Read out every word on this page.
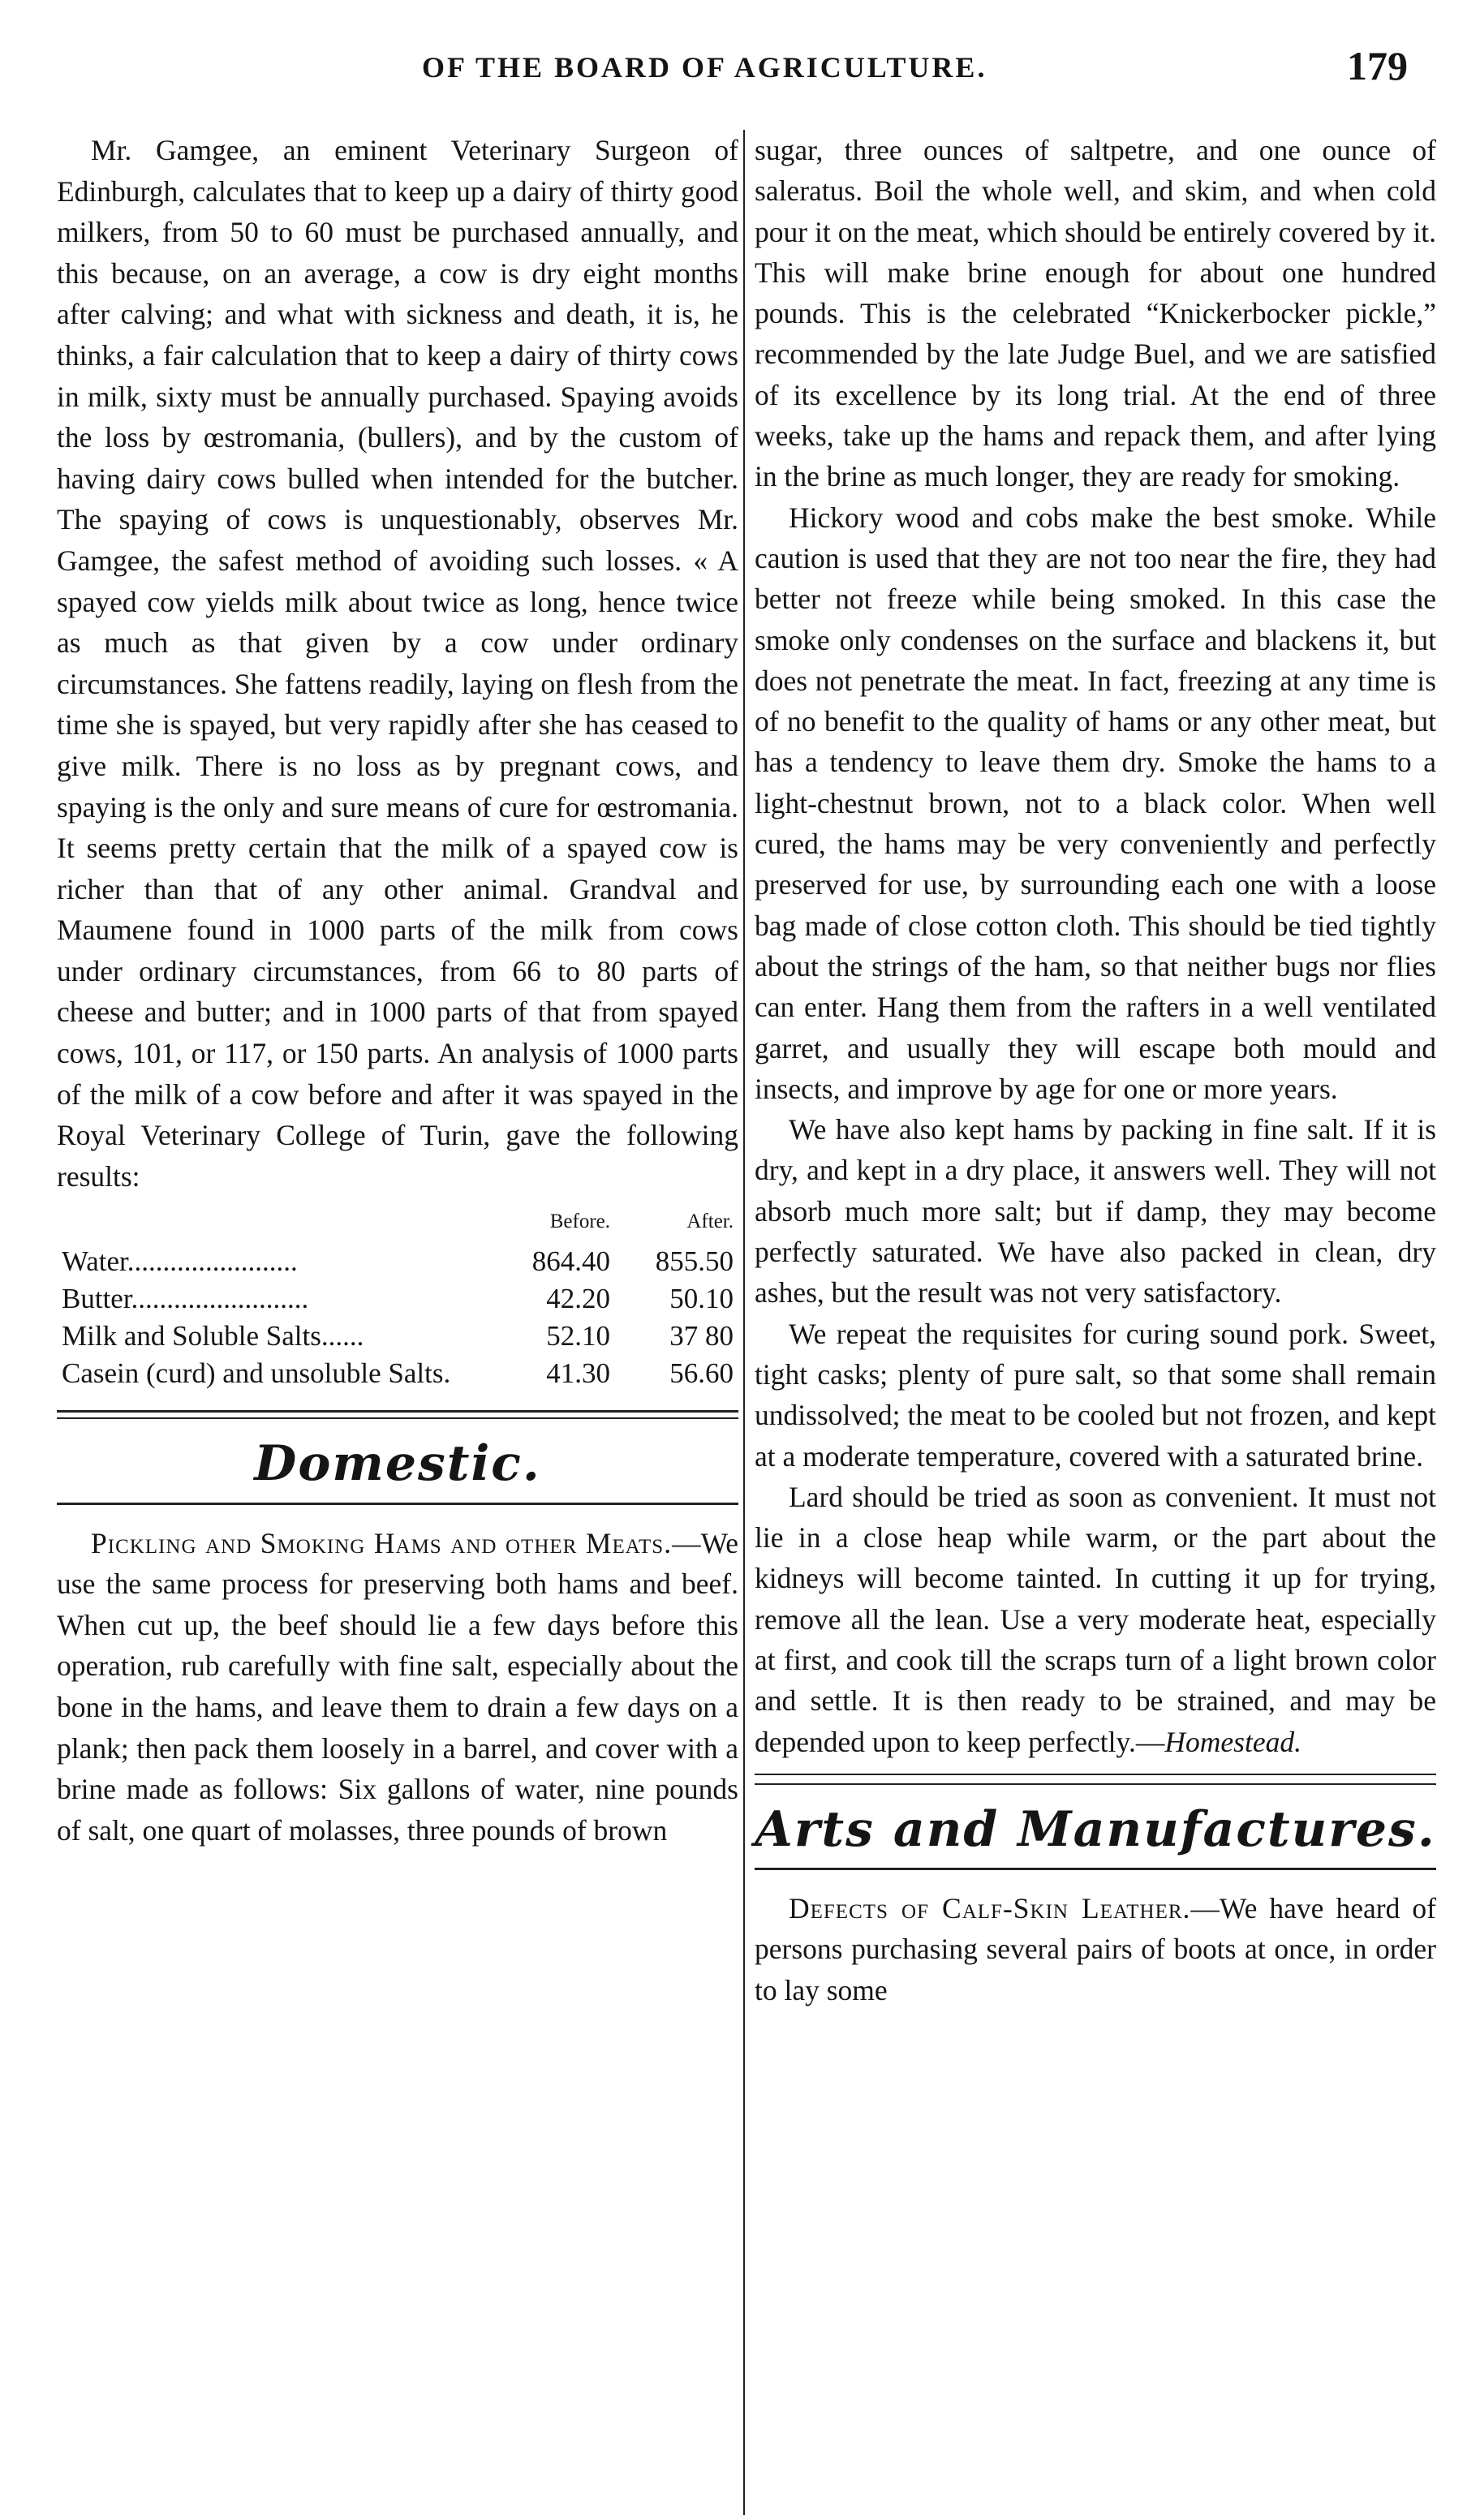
OF THE BOARD OF AGRICULTURE.	179

Mr. Gamgee, an eminent Veterinary Surgeon of Edinburgh, calculates that to keep up a dairy of thirty good milkers, from 50 to 60 must be purchased annually, and this because, on an average, a cow is dry eight months after calving; and what with sickness and death, it is, he thinks, a fair calculation that to keep a dairy of thirty cows in milk, sixty must be annually purchased. Spaying avoids the loss by œstromania, (bullers), and by the custom of having dairy cows bulled when intended for the butcher. The spaying of cows is unquestionably, observes Mr. Gamgee, the safest method of avoiding such losses. « A spayed cow yields milk about twice as long, hence twice as much as that given by a cow under ordinary circumstances. She fattens readily, laying on flesh from the time she is spayed, but very rapidly after she has ceased to give milk. There is no loss as by pregnant cows, and spaying is the only and sure means of cure for œstromania. It seems pretty certain that the milk of a spayed cow is richer than that of any other animal. Grandval and Maumene found in 1000 parts of the milk from cows under ordinary circumstances, from 66 to 80 parts of cheese and butter; and in 1000 parts of that from spayed cows, 101, or 117, or 150 parts. An analysis of 1000 parts of the milk of a cow before and after it was spayed in the Royal Veterinary College of Turin, gave the following results:

	Before.	After.
Water........................	864.40	855.50
Butter.........................	42.20	50.10
Milk and Soluble Salts......	52.10	37 80
Casein (curd) and unsoluble Salts.	41.30	56.60
Domestic.

Pickling and Smoking Hams and other Meats.—We use the same process for preserving both hams and beef. When cut up, the beef should lie a few days before this operation, rub carefully with fine salt, especially about the bone in the hams, and leave them to drain a few days on a plank; then pack them loosely in a barrel, and cover with a brine made as follows: Six gallons of water, nine pounds of salt, one quart of molasses, three pounds of brown

sugar, three ounces of saltpetre, and one ounce of saleratus. Boil the whole well, and skim, and when cold pour it on the meat, which should be entirely covered by it. This will make brine enough for about one hundred pounds. This is the celebrated “Knickerbocker pickle,” recommended by the late Judge Buel, and we are satisfied of its excellence by its long trial. At the end of three weeks, take up the hams and repack them, and after lying in the brine as much longer, they are ready for smoking.

Hickory wood and cobs make the best smoke. While caution is used that they are not too near the fire, they had better not freeze while being smoked. In this case the smoke only condenses on the surface and blackens it, but does not penetrate the meat. In fact, freezing at any time is of no benefit to the quality of hams or any other meat, but has a tendency to leave them dry. Smoke the hams to a light-chestnut brown, not to a black color. When well cured, the hams may be very conveniently and perfectly preserved for use, by surrounding each one with a loose bag made of close cotton cloth. This should be tied tightly about the strings of the ham, so that neither bugs nor flies can enter. Hang them from the rafters in a well ventilated garret, and usually they will escape both mould and insects, and improve by age for one or more years.

We have also kept hams by packing in fine salt. If it is dry, and kept in a dry place, it answers well. They will not absorb much more salt; but if damp, they may become perfectly saturated. We have also packed in clean, dry ashes, but the result was not very satisfactory.

We repeat the requisites for curing sound pork. Sweet, tight casks; plenty of pure salt, so that some shall remain undissolved; the meat to be cooled but not frozen, and kept at a moderate temperature, covered with a saturated brine.

Lard should be tried as soon as convenient. It must not lie in a close heap while warm, or the part about the kidneys will become tainted. In cutting it up for trying, remove all the lean. Use a very moderate heat, especially at first, and cook till the scraps turn of a light brown color and settle. It is then ready to be strained, and may be depended upon to keep perfectly.—Homestead.

Arts and Manufactures.

Defects of Calf-Skin Leather.—We have heard of persons purchasing several pairs of boots at once, in order to lay some
